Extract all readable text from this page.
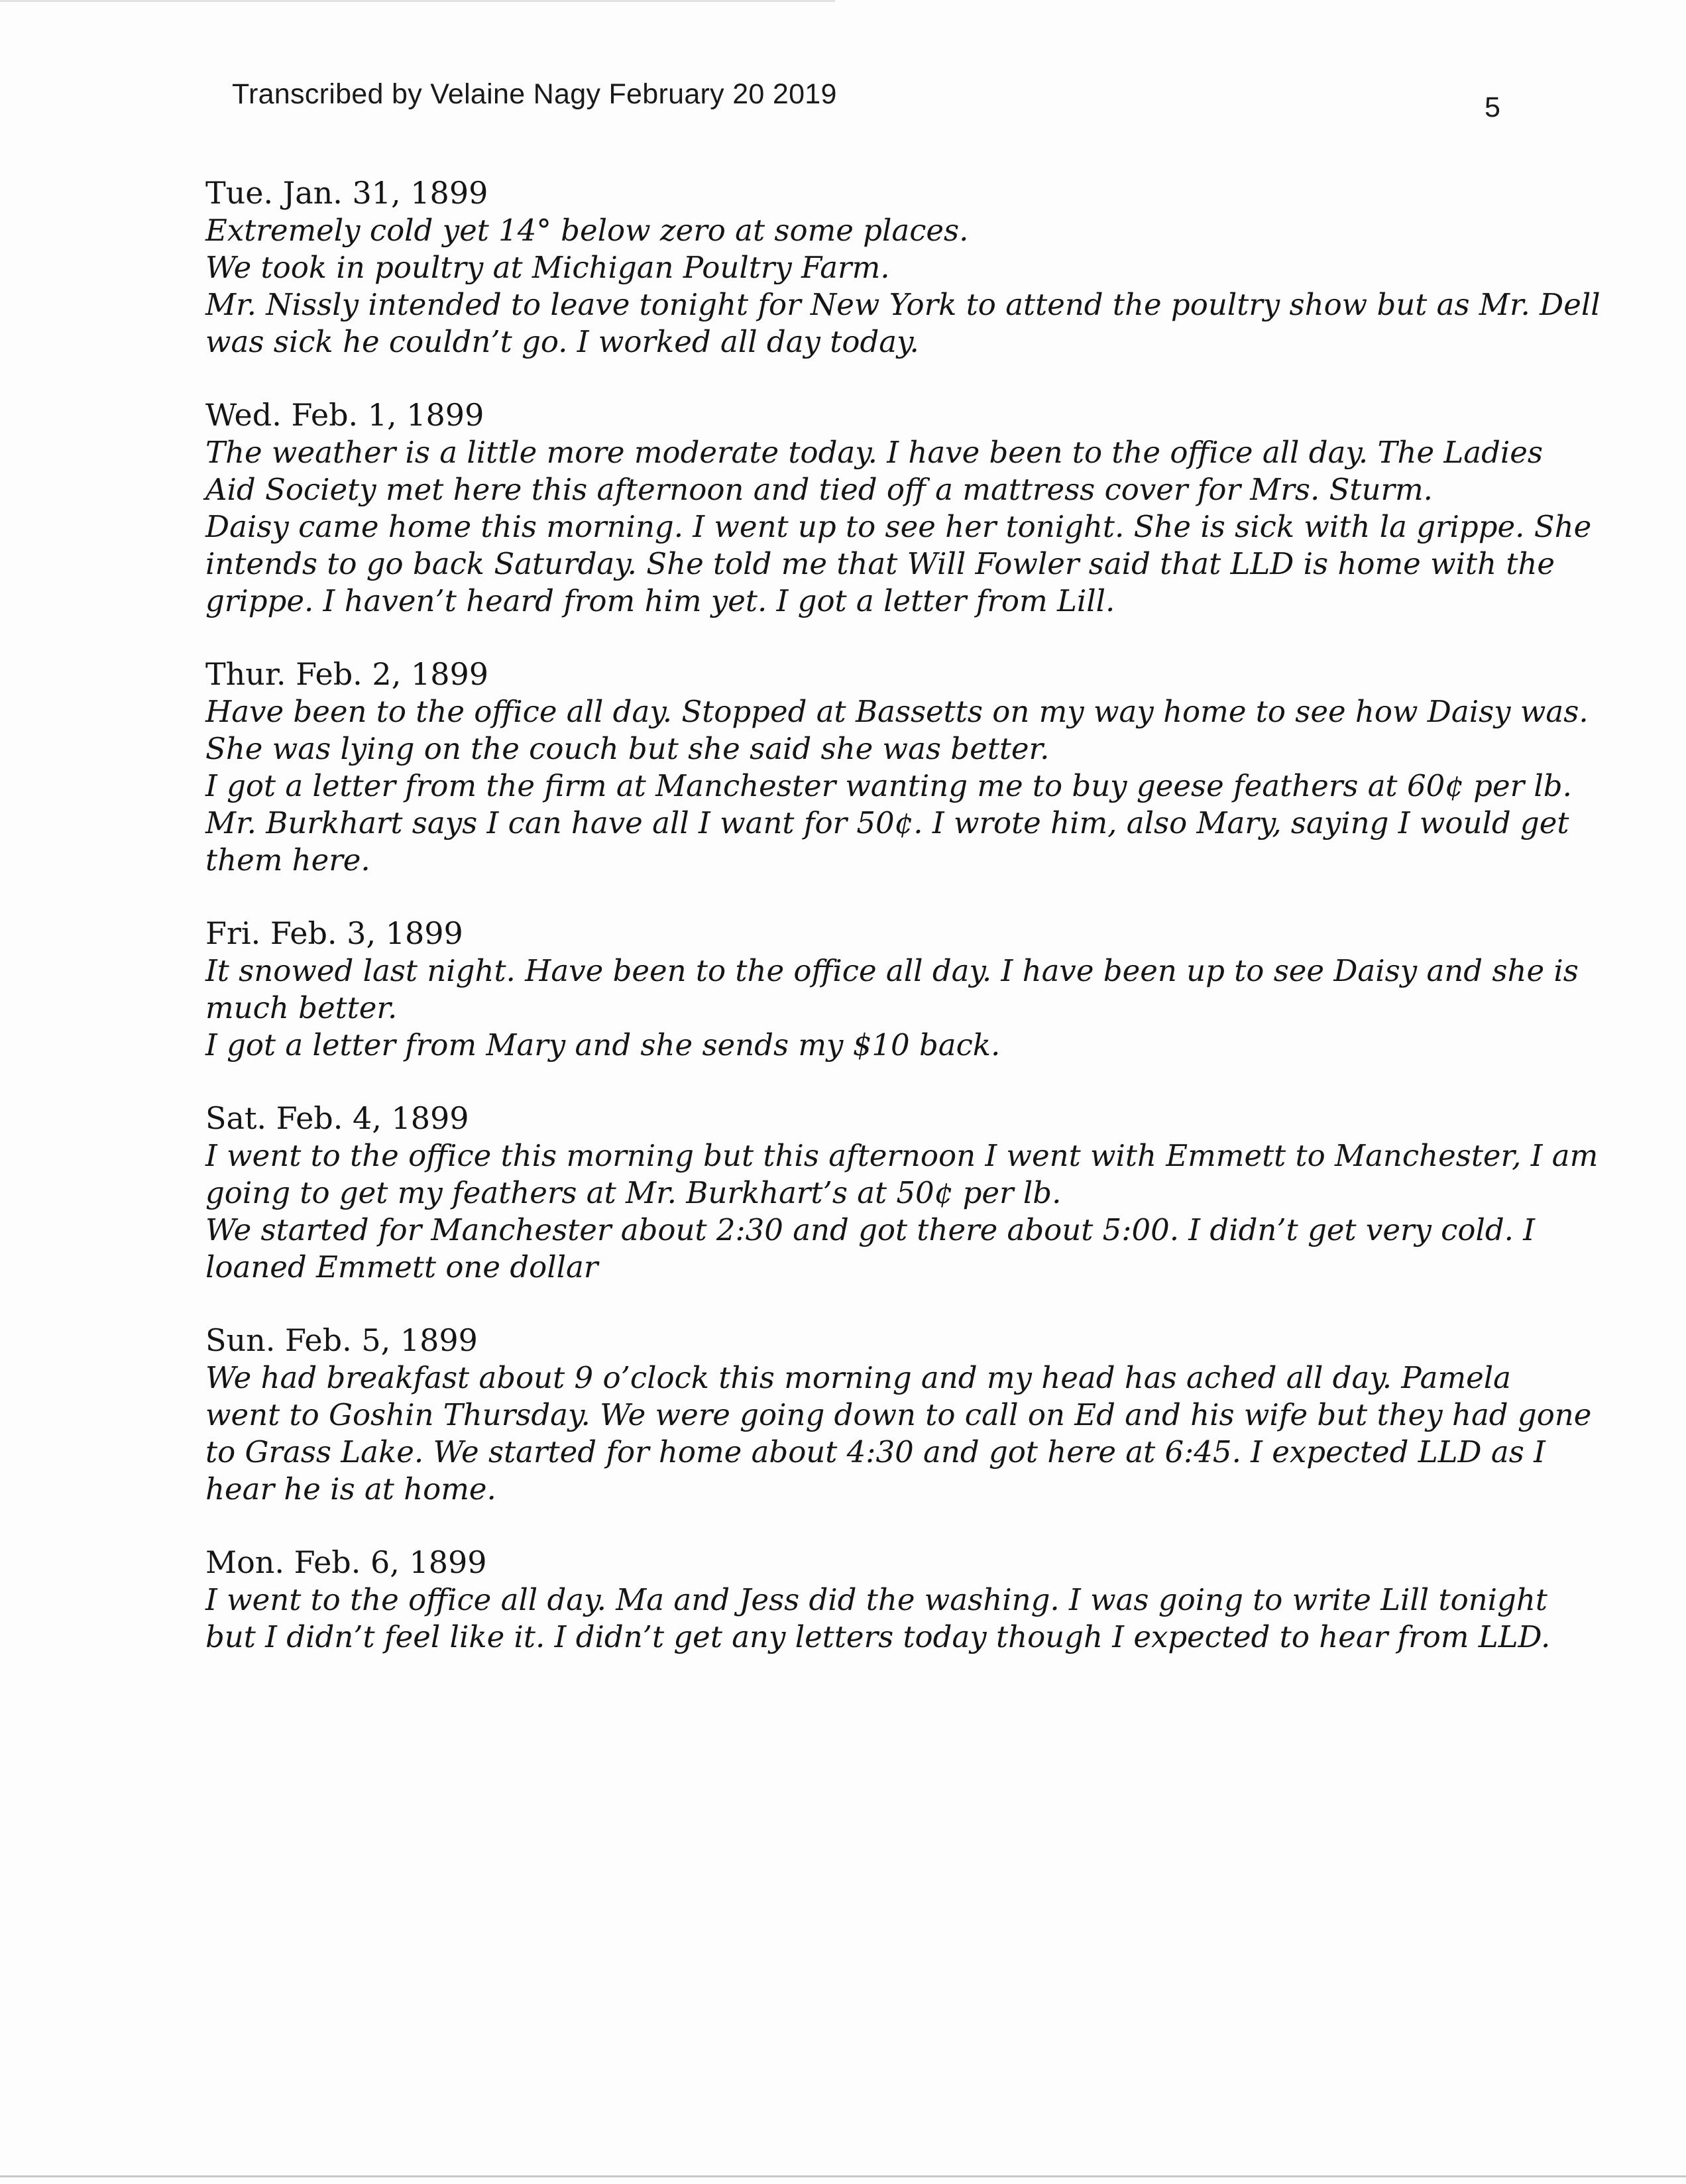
Transcribed by Velaine Nagy February 20 2019	5
Tue. Jan. 31, 1899
Extremely cold yet 14° below zero at some places.
We took in poultry at Michigan Poultry Farm.
Mr. Nissly intended to leave tonight for New York to attend the poultry show but as Mr. Dell
was sick he couldn’t go. I worked all day today.
Wed. Feb. 1, 1899
The weather is a little more moderate today. I have been to the office all day. The Ladies
Aid Society met here this afternoon and tied off a mattress cover for Mrs. Sturm.
Daisy came home this morning. I went up to see her tonight. She is sick with la grippe. She
intends to go back Saturday. She told me that Will Fowler said that LLD is home with the
grippe. I haven’t heard from him yet. I got a letter from Lill.
Thur. Feb. 2, 1899
Have been to the office all day. Stopped at Bassetts on my way home to see how Daisy was.
She was lying on the couch but she said she was better.
I got a letter from the firm at Manchester wanting me to buy geese feathers at 60¢ per lb.
Mr. Burkhart says I can have all I want for 50¢. I wrote him, also Mary, saying I would get
them here.
Fri. Feb. 3, 1899
It snowed last night. Have been to the office all day. I have been up to see Daisy and she is
much better.
I got a letter from Mary and she sends my $10 back.
Sat. Feb. 4, 1899
I went to the office this morning but this afternoon I went with Emmett to Manchester, I am
going to get my feathers at Mr. Burkhart’s at 50¢ per lb.
We started for Manchester about 2:30 and got there about 5:00. I didn’t get very cold. I
loaned Emmett one dollar
Sun. Feb. 5, 1899
We had breakfast about 9 o’clock this morning and my head has ached all day. Pamela
went to Goshin Thursday. We were going down to call on Ed and his wife but they had gone
to Grass Lake. We started for home about 4:30 and got here at 6:45. I expected LLD as I
hear he is at home.
Mon. Feb. 6, 1899
I went to the office all day. Ma and Jess did the washing. I was going to write Lill tonight
but I didn’t feel like it. I didn’t get any letters today though I expected to hear from LLD.
